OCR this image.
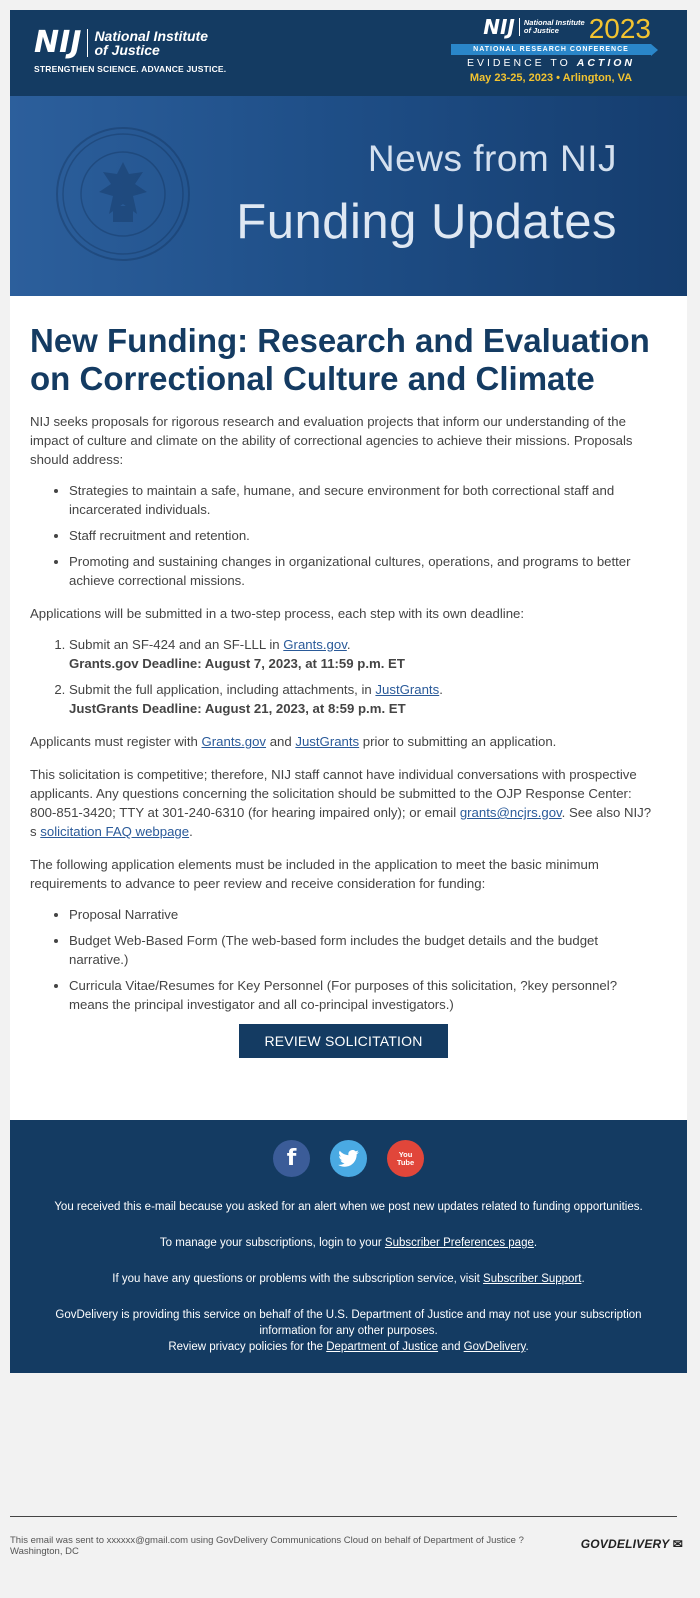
NIJ National Institute
of Justice
STRENGTHEN SCIENCE. ADVANCE JUSTICE.
NIJ National Institute
of Justice	2023
NATIONAL RESEARCH CONFERENCE
EVIDENCE TO ACTION
May 23-25, 2023 • Arlington, VA
News from NIJ
Funding Updates
New Funding: Research and Evaluation on Correctional Culture and Climate

NIJ seeks proposals for rigorous research and evaluation projects that inform our understanding of the impact of culture and climate on the ability of correctional agencies to achieve their missions. Proposals should address:

• Strategies to maintain a safe, humane, and secure environment for both correctional staff and incarcerated individuals.
• Staff recruitment and retention.
• Promoting and sustaining changes in organizational cultures, operations, and programs to better achieve correctional missions.

Applications will be submitted in a two-step process, each step with its own deadline:

1. Submit an SF-424 and an SF-LLL in Grants.gov.
Grants.gov Deadline: August 7, 2023, at 11:59 p.m. ET
2. Submit the full application, including attachments, in JustGrants.
JustGrants Deadline: August 21, 2023, at 8:59 p.m. ET

Applicants must register with Grants.gov and JustGrants prior to submitting an application.

This solicitation is competitive; therefore, NIJ staff cannot have individual conversations with prospective applicants. Any questions concerning the solicitation should be submitted to the OJP Response Center: 800-851-3420; TTY at 301-240-6310 (for hearing impaired only); or email grants@ncjrs.gov. See also NIJ?s solicitation FAQ webpage.

The following application elements must be included in the application to meet the basic minimum requirements to advance to peer review and receive consideration for funding:

• Proposal Narrative
• Budget Web-Based Form (The web-based form includes the budget details and the budget narrative.)
• Curricula Vitae/Resumes for Key Personnel (For purposes of this solicitation, ?key personnel? means the principal investigator and all co-principal investigators.)
REVIEW SOLICITATION
f	You
Tube

You received this e-mail because you asked for an alert when we post new updates related to funding opportunities.

To manage your subscriptions, login to your Subscriber Preferences page.

If you have any questions or problems with the subscription service, visit Subscriber Support.

GovDelivery is providing this service on behalf of the U.S. Department of Justice and may not use your subscription information for any other purposes.
Review privacy policies for the Department of Justice and GovDelivery.

This email was sent to xxxxxx@gmail.com using GovDelivery Communications Cloud on behalf of Department of Justice ? Washington, DC
GOVDELIVERY ✉
